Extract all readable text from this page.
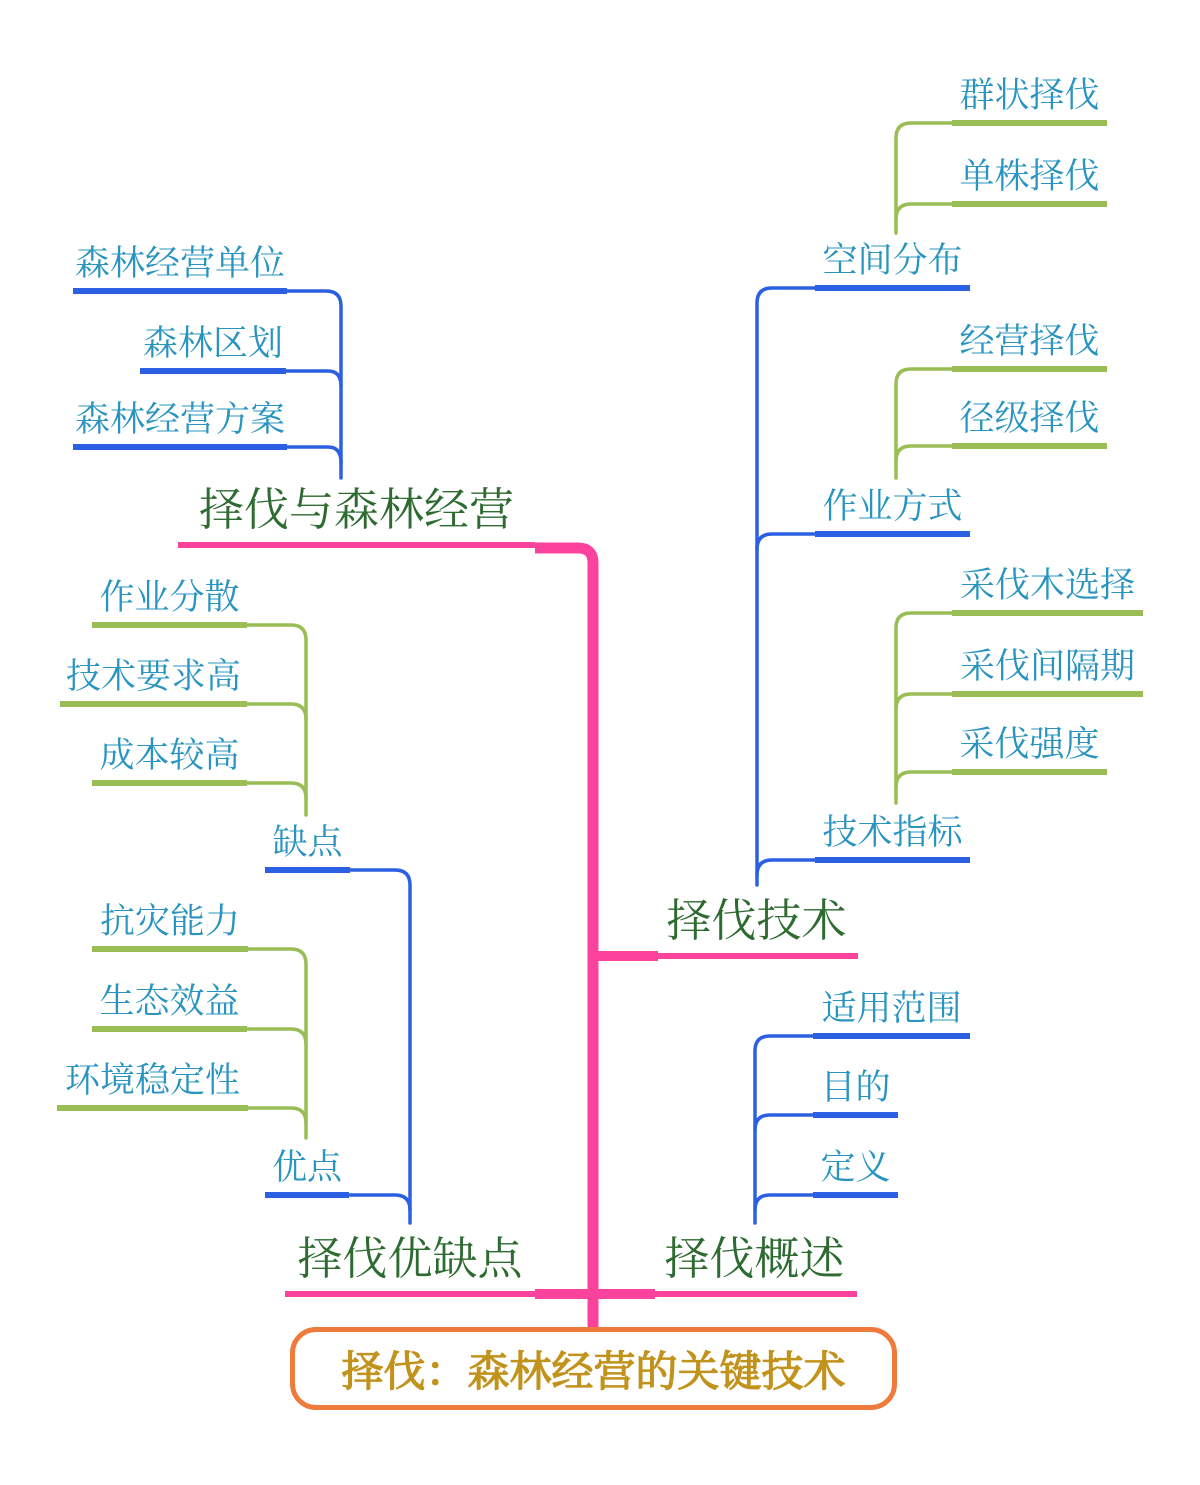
择伐与森林经营
森林经营单位
森林区划
森林经营方案
择伐技术
空间分布
群状择伐
单株择伐
作业方式
经营择伐
径级择伐
技术指标
采伐木选择
采伐间隔期
采伐强度
择伐优缺点
缺点
作业分散
技术要求高
成本较高
优点
抗灾能力
生态效益
环境稳定性
择伐概述
适用范围
目的
定义
择伐：森林经营的关键技术
